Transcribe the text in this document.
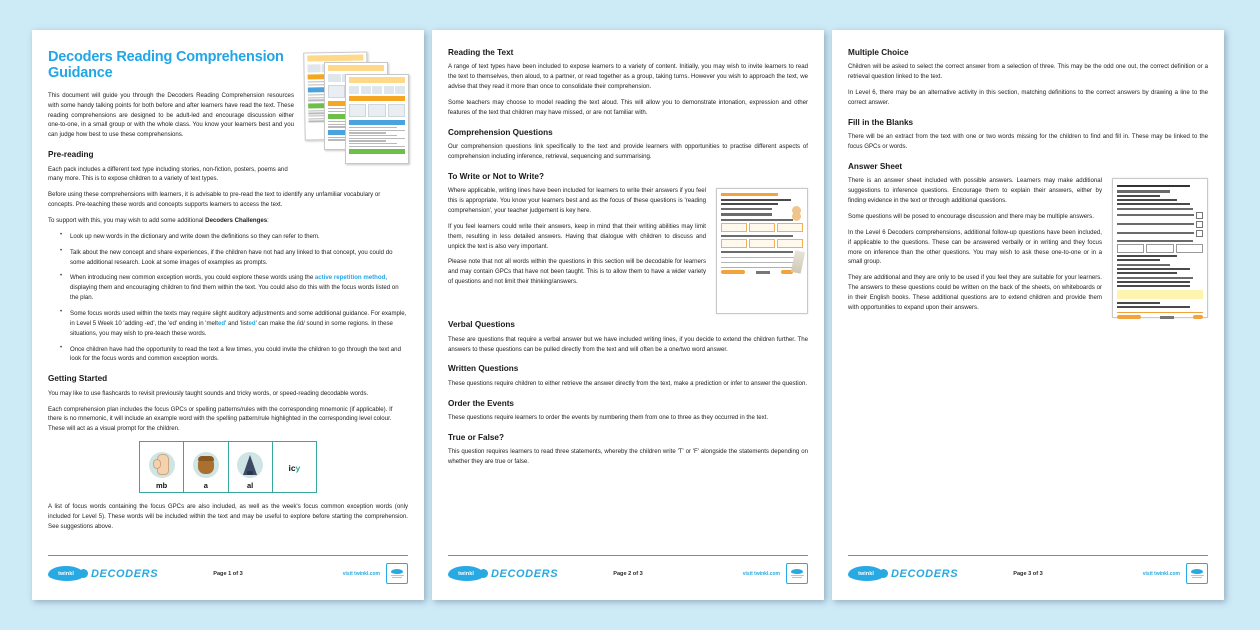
Decoders Reading Comprehension Guidance

This document will guide you through the Decoders Reading Comprehension resources with some handy talking points for both before and after learners have read the text. These reading comprehensions are designed to be adult-led and encourage discussion either one-to-one, in a small group or with the whole class. You know your learners best and you can judge how best to use these comprehensions.

Pre-reading

Each pack includes a different text type including stories, non-fiction, posters, poems and many more. This is to expose children to a variety of text types.

Before using these comprehensions with learners, it is advisable to pre-read the text to identify any unfamiliar vocabulary or concepts. Pre-teaching these words and concepts supports learners to access the text.

To support with this, you may wish to add some additional Decoders Challenges:

• Look up new words in the dictionary and write down the definitions so they can refer to them.
• Talk about the new concept and share experiences, if the children have not had any linked to that concept, you could do some additional research. Look at some images of examples as prompts.
• When introducing new common exception words, you could explore these words using the active repetition method, displaying them and encouraging children to find them within the text. You could also do this with the focus words listed on the plan.
• Some focus words used within the texts may require slight auditory adjustments and some additional guidance. For example, in Level 5 Week 10 'adding -ed', the 'ed' ending in 'melted' and 'listed' can make the /id/ sound in some regions. In these situations, you may wish to pre-teach these words.
• Once children have had the opportunity to read the text a few times, you could invite the children to go through the text and look for the focus words and common exception words.
Getting Started

You may like to use flashcards to revisit previously taught sounds and tricky words, or speed-reading decodable words.

Each comprehension plan includes the focus GPCs or spelling patterns/rules with the corresponding mnemonic (if applicable). If there is no mnemonic, it will include an example word with the spelling pattern/rule highlighted in the corresponding level colour. These will act as a visual prompt for the children.

mb	a	al
icy

A list of focus words containing the focus GPCs are also included, as well as the week's focus common exception words (only included for Level 5). These words will be included within the text and may be useful to explore before starting the comprehension. See suggestions above.

twinkl DECODERS	Page 1 of 3	visit twinkl.com
Reading the Text

A range of text types have been included to expose learners to a variety of content. Initially, you may wish to invite learners to read the text to themselves, then aloud, to a partner, or read together as a group, taking turns. However you wish to approach the text, we advise that they read it more than once to consolidate their comprehension.

Some teachers may choose to model reading the text aloud. This will allow you to demonstrate intonation, expression and other features of the text that children may have missed, or are not familiar with.

Comprehension Questions

Our comprehension questions link specifically to the text and provide learners with opportunities to practise different aspects of comprehension including inference, retrieval, sequencing and summarising.

To Write or Not to Write?

Where applicable, writing lines have been included for learners to write their answers if you feel this is appropriate. You know your learners best and as the focus of these questions is 'reading comprehension', your teacher judgement is key here.

If you feel learners could write their answers, keep in mind that their writing abilities may limit them, resulting in less detailed answers. Having that dialogue with children to discuss and unpick the text is also very important.

Please note that not all words within the questions in this section will be decodable for learners and may contain GPCs that have not been taught. This is to allow them to have a wider variety of questions and not limit their thinking/answers.

Verbal Questions

These are questions that require a verbal answer but we have included writing lines, if you decide to extend the children further. The answers to these questions can be pulled directly from the text and will often be a one/two word answer.

Written Questions

These questions require children to either retrieve the answer directly from the text, make a prediction or infer to answer the question.

Order the Events

These questions require learners to order the events by numbering them from one to three as they occurred in the text.

True or False?

This question requires learners to read three statements, whereby the children write 'T' or 'F' alongside the statements depending on whether they are true or false.

twinkl DECODERS	Page 2 of 3	visit twinkl.com
Multiple Choice

Children will be asked to select the correct answer from a selection of three. This may be the odd one out, the correct definition or a retrieval question linked to the text.

In Level 6, there may be an alternative activity in this section, matching definitions to the correct answers by drawing a line to the correct answer.

Fill in the Blanks

There will be an extract from the text with one or two words missing for the children to find and fill in. These may be linked to the focus GPCs or words.

Answer Sheet

There is an answer sheet included with possible answers. Learners may make additional suggestions to inference questions. Encourage them to explain their answers, either by finding evidence in the text or through additional questions.

Some questions will be posed to encourage discussion and there may be multiple answers.

In the Level 6 Decoders comprehensions, additional follow-up questions have been included, if applicable to the questions. These can be answered verbally or in writing and they focus more on inference than the other questions. You may wish to ask these one-to-one or in a small group.

They are additional and they are only to be used if you feel they are suitable for your learners. The answers to these questions could be written on the back of the sheets, on whiteboards or in their English books. These additional questions are to extend children and provide them with opportunities to expand upon their answers.

twinkl DECODERS	Page 3 of 3	visit twinkl.com
